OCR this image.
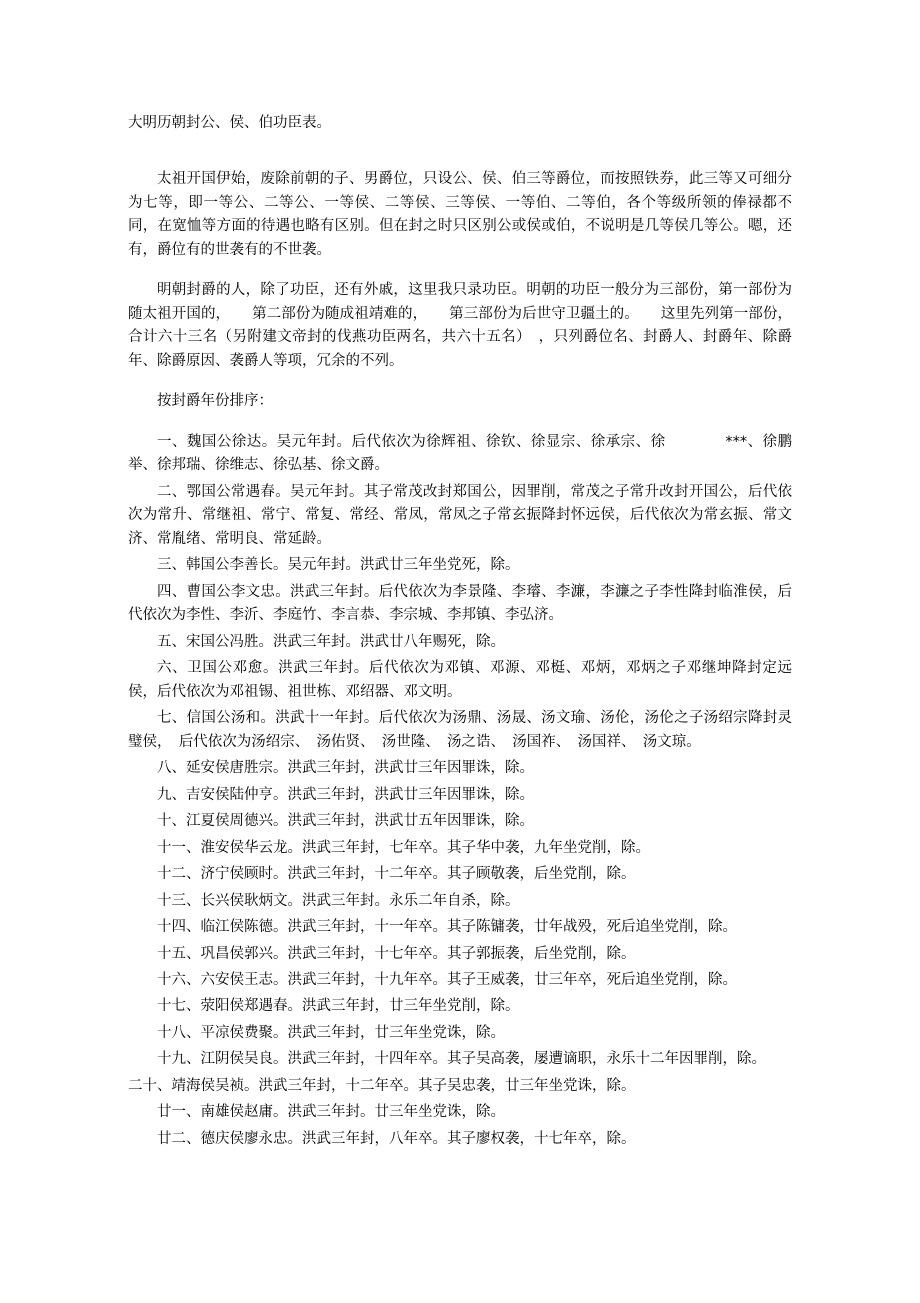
大明历朝封公、侯、伯功臣表。

太祖开国伊始，废除前朝的子、男爵位，只设公、侯、伯三等爵位，而按照铁券，此三等又可细分为七等，即一等公、二等公、一等侯、二等侯、三等侯、一等伯、二等伯，各个等级所领的俸禄都不同，在宽恤等方面的待遇也略有区别。但在封之时只区别公或侯或伯，不说明是几等侯几等公。嗯，还有，爵位有的世袭有的不世袭。

明朝封爵的人，除了功臣，还有外戚，这里我只录功臣。明朝的功臣一般分为三部份，第一部份为随太祖开国的，　　第二部份为随成祖靖难的，　　第三部份为后世守卫疆土的。　　这里先列第一部份，合计六十三名（另附建文帝封的伐燕功臣两名，共六十五名）　，只列爵位名、封爵人、封爵年、除爵年、除爵原因、袭爵人等项，冗余的不列。

按封爵年份排序：

一、魏国公徐达。吴元年封。后代依次为徐辉祖、徐钦、徐显宗、徐承宗、徐　　　　***、徐鹏举、徐邦瑞、徐维志、徐弘基、徐文爵。

二、鄂国公常遇春。吴元年封。其子常茂改封郑国公，因罪削，常茂之子常升改封开国公，后代依次为常升、常继祖、常宁、常复、常经、常凤，常凤之子常玄振降封怀远侯，后代依次为常玄振、常文济、常胤绪、常明良、常延龄。

三、韩国公李善长。吴元年封。洪武廿三年坐党死，除。

四、曹国公李文忠。洪武三年封。后代依次为李景隆、李璿、李濂，李濂之子李性降封临淮侯，后代依次为李性、李沂、李庭竹、李言恭、李宗城、李邦镇、李弘济。

五、宋国公冯胜。洪武三年封。洪武廿八年赐死，除。

六、卫国公邓愈。洪武三年封。后代依次为邓镇、邓源、邓梃、邓炳，邓炳之子邓继坤降封定远侯，后代依次为邓祖锡、祖世栋、邓绍器、邓文明。

七、信国公汤和。洪武十一年封。后代依次为汤鼎、汤晟、汤文瑜、汤伦，汤伦之子汤绍宗降封灵璧侯，　后代依次为汤绍宗、　汤佑贤、　汤世隆、　汤之诰、　汤国祚、　汤国祥、　汤文琼。

八、延安侯唐胜宗。洪武三年封，洪武廿三年因罪诛，除。

九、吉安侯陆仲亨。洪武三年封，洪武廿三年因罪诛，除。

十、江夏侯周德兴。洪武三年封，洪武廿五年因罪诛，除。

十一、淮安侯华云龙。洪武三年封，七年卒。其子华中袭，九年坐党削，除。

十二、济宁侯顾时。洪武三年封，十二年卒。其子顾敬袭，后坐党削，除。

十三、长兴侯耿炳文。洪武三年封。永乐二年自杀，除。

十四、临江侯陈德。洪武三年封，十一年卒。其子陈镛袭，廿年战殁，死后追坐党削，除。

十五、巩昌侯郭兴。洪武三年封，十七年卒。其子郭振袭，后坐党削，除。

十六、六安侯王志。洪武三年封，十九年卒。其子王威袭，廿三年卒，死后追坐党削，除。

十七、荥阳侯郑遇春。洪武三年封，廿三年坐党削，除。

十八、平凉侯费聚。洪武三年封，廿三年坐党诛，除。

十九、江阴侯吴良。洪武三年封，十四年卒。其子吴高袭，屡遭谪职，永乐十二年因罪削，除。

二十、靖海侯吴祯。洪武三年封，十二年卒。其子吴忠袭，廿三年坐党诛，除。

廿一、南雄侯赵庸。洪武三年封。廿三年坐党诛，除。

廿二、德庆侯廖永忠。洪武三年封，八年卒。其子廖权袭，十七年卒，除。
